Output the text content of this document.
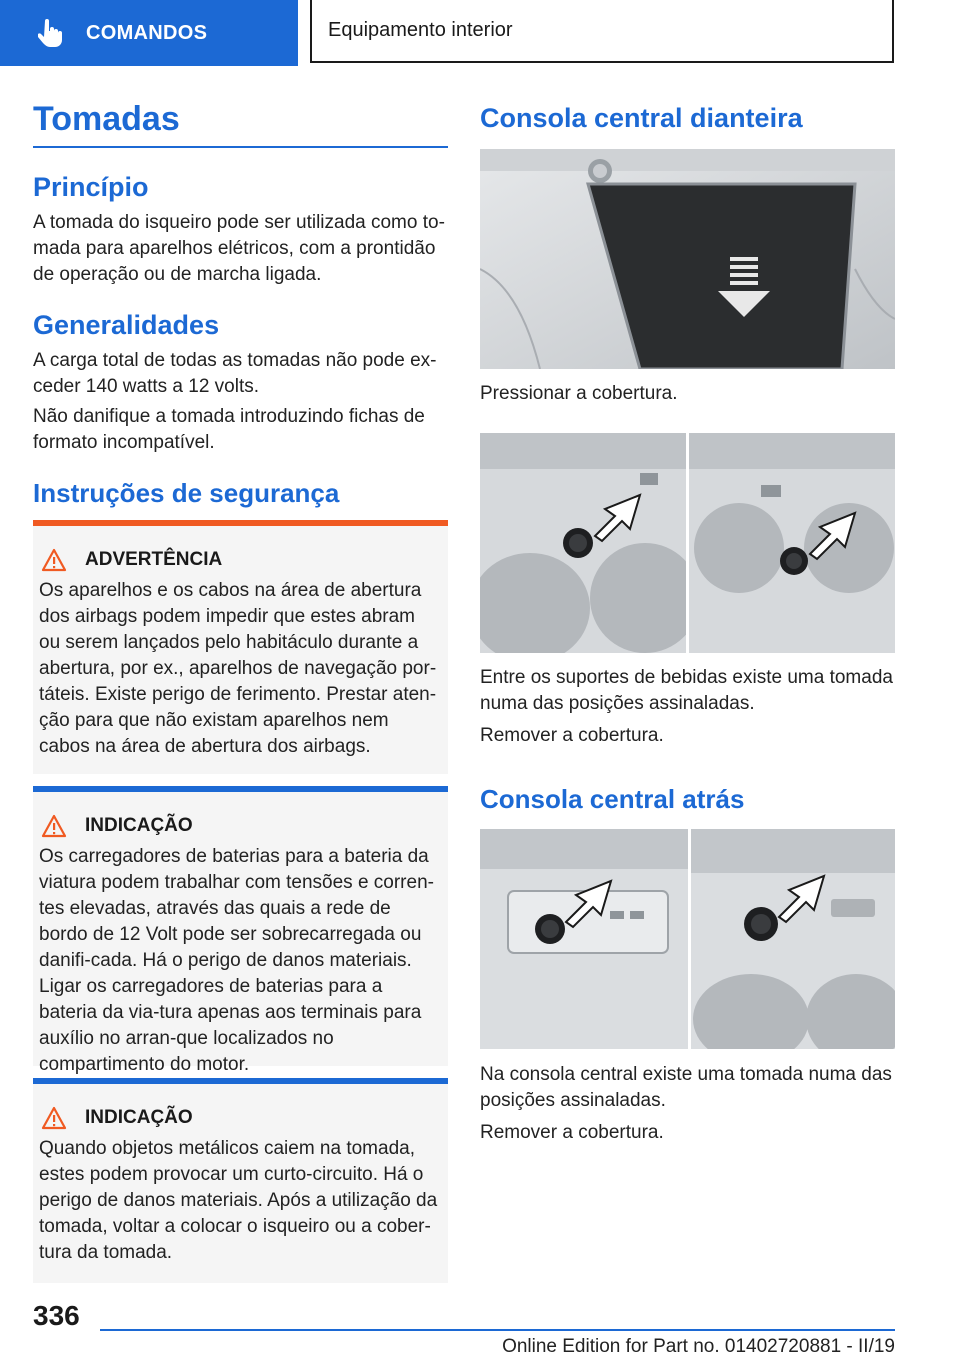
COMANDOS	Equipamento interior
Tomadas
Princípio

A tomada do isqueiro pode ser utilizada como to-mada para aparelhos elétricos, com a prontidão de operação ou de marcha ligada.

Generalidades

A carga total de todas as tomadas não pode ex-ceder 140 watts a 12 volts.

Não danifique a tomada introduzindo fichas de formato incompatível.

Instruções de segurança
ADVERTÊNCIA
Os aparelhos e os cabos na área de abertura dos airbags podem impedir que estes abram ou serem lançados pelo habitáculo durante a abertura, por ex., aparelhos de navegação por-táteis. Existe perigo de ferimento. Prestar aten-ção para que não existam aparelhos nem cabos na área de abertura dos airbags.
INDICAÇÃO
Os carregadores de baterias para a bateria da viatura podem trabalhar com tensões e corren-tes elevadas, através das quais a rede de bordo de 12 Volt pode ser sobrecarregada ou danifi-cada. Há o perigo de danos materiais. Ligar os carregadores de baterias para a bateria da via-tura apenas aos terminais para auxílio no arran-que localizados no compartimento do motor.
INDICAÇÃO
Quando objetos metálicos caiem na tomada, estes podem provocar um curto-circuito. Há o perigo de danos materiais. Após a utilização da tomada, voltar a colocar o isqueiro ou a cober-tura da tomada.
Consola central dianteira

Pressionar a cobertura.

Entre os suportes de bebidas existe uma tomada numa das posições assinaladas.

Remover a cobertura.

Consola central atrás

Na consola central existe uma tomada numa das posições assinaladas.

Remover a cobertura.

336
Online Edition for Part no. 01402720881 - II/19
